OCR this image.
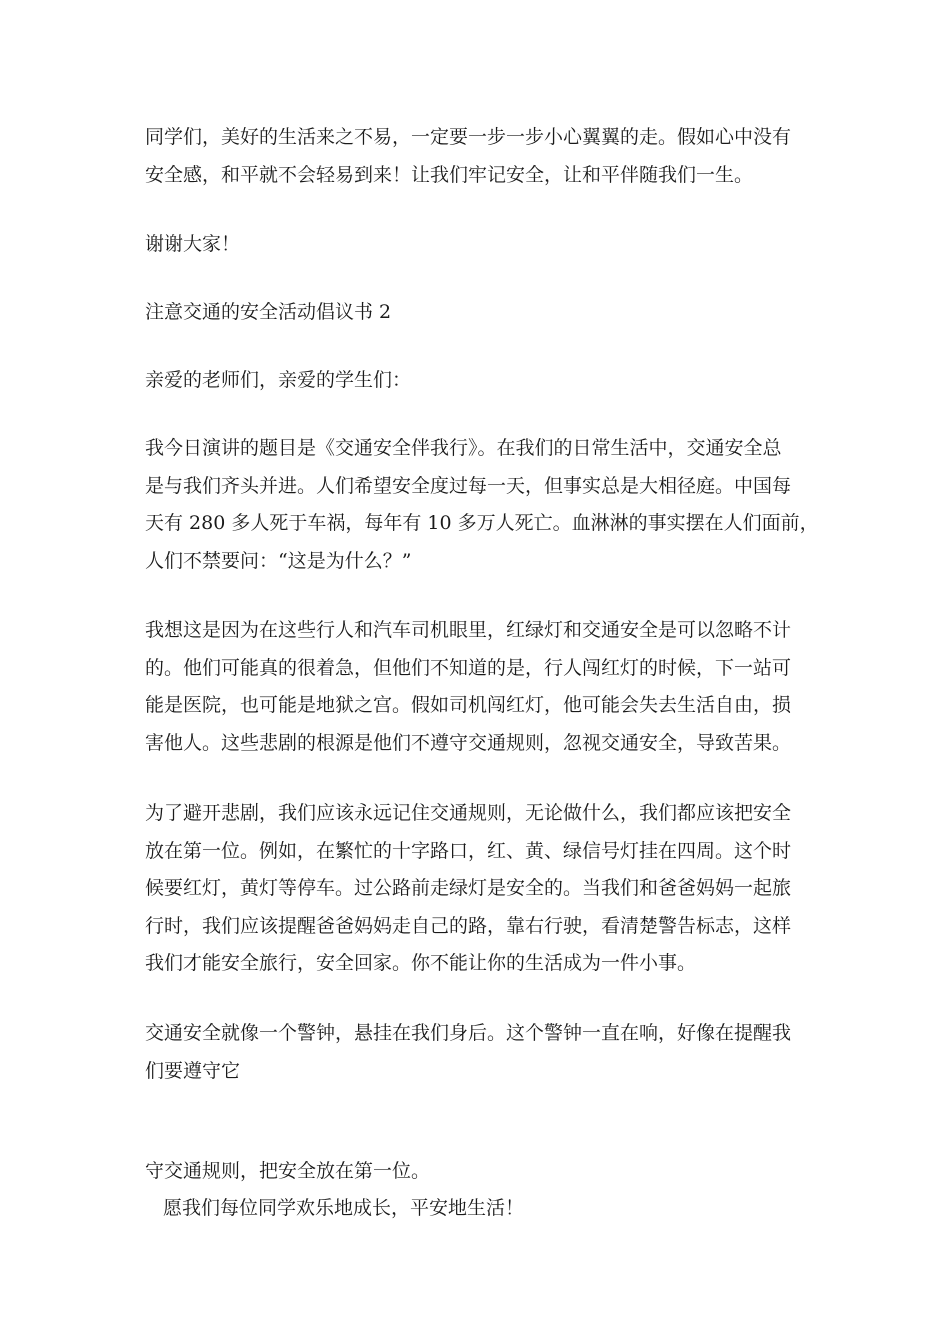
同学们，美好的生活来之不易，一定要一步一步小心翼翼的走。假如心中没有
安全感，和平就不会轻易到来！让我们牢记安全，让和平伴随我们一生。
谢谢大家！
注意交通的安全活动倡议书 2
亲爱的老师们，亲爱的学生们：
我今日演讲的题目是《交通安全伴我行》。在我们的日常生活中，交通安全总
是与我们齐头并进。人们希望安全度过每一天，但事实总是大相径庭。中国每
天有 280 多人死于车祸，每年有 10 多万人死亡。血淋淋的事实摆在人们面前，
人们不禁要问：“这是为什么？”
我想这是因为在这些行人和汽车司机眼里，红绿灯和交通安全是可以忽略不计
的。他们可能真的很着急，但他们不知道的是，行人闯红灯的时候，下一站可
能是医院，也可能是地狱之宫。假如司机闯红灯，他可能会失去生活自由，损
害他人。这些悲剧的根源是他们不遵守交通规则，忽视交通安全，导致苦果。
为了避开悲剧，我们应该永远记住交通规则，无论做什么，我们都应该把安全
放在第一位。例如，在繁忙的十字路口，红、黄、绿信号灯挂在四周。这个时
候要红灯，黄灯等停车。过公路前走绿灯是安全的。当我们和爸爸妈妈一起旅
行时，我们应该提醒爸爸妈妈走自己的路，靠右行驶，看清楚警告标志，这样
我们才能安全旅行，安全回家。你不能让你的生活成为一件小事。
交通安全就像一个警钟，悬挂在我们身后。这个警钟一直在响，好像在提醒我
们要遵守它
守交通规则，把安全放在第一位。
愿我们每位同学欢乐地成长，平安地生活！
